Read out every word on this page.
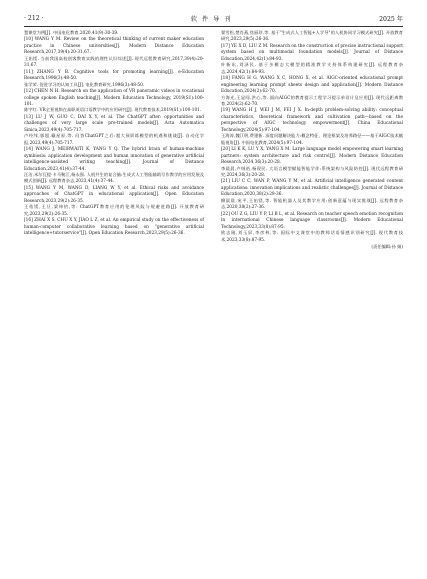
· 212 ·	软 件 导 刊	2025 年

慧课堂为例[J]. 中国电化教育,2020,41(9):30-39.

[10] WANG Y M. Review on the theoretical thinking of current maker education practice in Chinese universities[J]. Modern Distance Education Research,2017,39(4):20-31,67.

王佑镁. 当前我国高校创客教育实践的理性认识综述[J]. 现代远程教育研究,2017,39(4):20-31,67.

[11] ZHANG Y B. Cognitive tools for promoting learning[J]. e-Education Research,1996(3):48-50.

张学荣. 促进学习的认知工具[J]. 电化教育研究,1996(3):48-50.

[12] CHEN N H. Research on the application of VR panoramic videos in vocational college spoken English teaching[J]. Modern Education Technology, 2019(S1):100-101.

陈宇红. VR全景视频在高职英语口语教学中的应用研究[J]. 现代教育技术,2019(S1):100-101.

[13] LU J W, GUO C, DAI X Y, et al. The ChatGPT after: opportunities and challenges of very large scale pre-trained models[J]. Acta Automatica Sinica,2023,49(4):705-717.

卢经纬,郭超,戴星原,等. 问答ChatGPT之后:超大预训练模型的机遇和挑战[J]. 自动化学报,2023,49(4):705-717.

[14] WANG J, MEIRWAITI K, YANG Y Q. The hybrid brain of human-machine symbiosis: application development and human innovation of generative artificial intelligence-assisted writing teaching[J]. Journal of Distance Education,2023,41(4):37-44.

汪洁,米尔瓦提·卡马勒江,杨永强. 人机共生的复合脑:生成式人工智能辅助写作教学的应用发展及模式创新[J]. 远程教育杂志,2023,41(4):37-44.

[15] WANG Y M, WANG D, LIANG W Y, et al. Ethical risks and avoidance approaches of ChatGPT in educational application[J]. Open Education Research,2023,29(2):26-35.

王佑镁,王旦,梁炜怡,等. ChatGPT教育应用的伦理风险与规避进路[J]. 开放教育研究,2023,29(2):26-35.

[16] ZHAI X S, CHU X Y, JIAO L Z, et al. An empirical study on the effectiveness of human-computer collaborative learning based on "generative artificial intelligence+tutorservice"[J]. Open Education Research,2023,29(5):26-36.

翟雪松,楚肖燕,焦丽珍,等. 基于"生成式人工智能+人学导"的人机协同学习模式研究[J]. 开放教育研究,2023,29(5):26-36.

[17] YE X D, LIU Z M. Research on the construction of precise instructional support system based on multimodal foundation models[J]. Journal of Distance Education,2024,42(1):84-93.

叶新东,刘泽民. 基于多模态大模型的精准教学支持体系构建研究[J]. 远程教育杂志,2024,42(1):84-93.

[18] FANG H G, WANG X C, HONG X, et al. AIGC-oriented educational prompt engineering learning prompt sheets design and application[J]. Modern Distance Education,2024(2):62-70.

方海光,王显闯,洪心,等. 面向AIGC的教育提示工程学习提示单设计及应用[J]. 现代远距离教育,2024(2):62-70.

[19] WANG H J, WEI J M, FEI J X. In-depth problem-solving ability: conceptual characteristics, theoretical framework and cultivation path—based on the perspective of AIGC technology empowerment[J]. China Educational Technology,2024(5):97-104.

王海涛,魏江明,费建新. 深度问题解决能力:概念特征、理论框架及培养路径——基于AIGC技术赋能视角[J]. 中国电化教育,2024(5):97-104.

[20] LI K K, LU Y X, YANG X M. Large language model empowering smart learning partners: system architecture and risk control[J]. Modern Distance Education Research,2024,36(3):20-28.

李晨晨,卢绒裕,杨现民. 大语言模型赋能智能学伴:系统架构与风险防控[J]. 现代远程教育研究,2024,36(3):20-28.

[21] LIU C C, WAN P, WANG Y M, et al. Artificial intelligence generated content applications: innovation implications and realistic challenges[J]. Journal of Distance Education,2020,38(2):29-36.

柳晨晨,宛平,王佑镁,等. 智能机器人及其教学应用:创新意蕴与现实挑战[J]. 远程教育杂志,2020,38(2):27-36.

[22] OU Z G, LIU Y P, LI B L, et al. Research on teacher speech emotion recognition in international Chinese language classrooms[J]. Modern Educational Technology,2023,33(8):87-95.

欧志刚,刘玉屏,李彦林,等. 国际中文课堂中的教师话语情感识别研究[J]. 现代教育技术,2023,33(8):87-95.

(责任编辑:孙 娟)
